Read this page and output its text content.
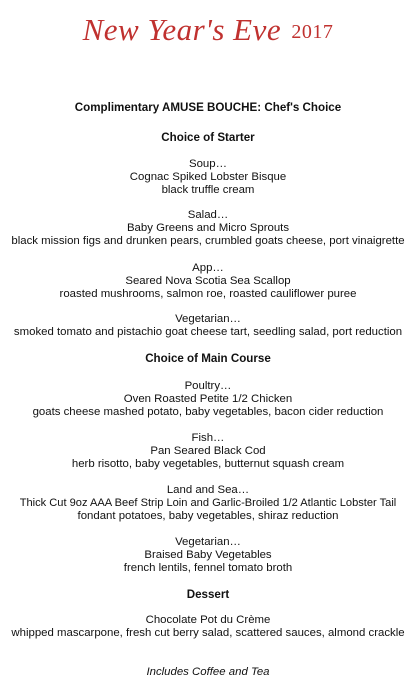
New Year's Eve 2017
Complimentary AMUSE BOUCHE: Chef's Choice
Choice of Starter
Soup…
Cognac Spiked Lobster Bisque
black truffle cream
Salad…
Baby Greens and Micro Sprouts
black mission figs and drunken pears, crumbled goats cheese, port vinaigrette
App…
Seared Nova Scotia Sea Scallop
roasted mushrooms, salmon roe, roasted cauliflower puree
Vegetarian…
smoked tomato and pistachio goat cheese tart, seedling salad, port reduction
Choice of Main Course
Poultry…
Oven Roasted Petite 1/2 Chicken
goats cheese mashed potato, baby vegetables, bacon cider reduction
Fish…
Pan Seared Black Cod
herb risotto, baby vegetables, butternut squash cream
Land and Sea…
Thick Cut 9oz AAA Beef Strip Loin and Garlic-Broiled 1/2 Atlantic Lobster Tail
fondant potatoes, baby vegetables, shiraz reduction
Vegetarian…
Braised Baby Vegetables
french lentils, fennel tomato broth
Dessert
Chocolate Pot du Crème
whipped mascarpone, fresh cut berry salad, scattered sauces, almond crackle
Includes Coffee and Tea
